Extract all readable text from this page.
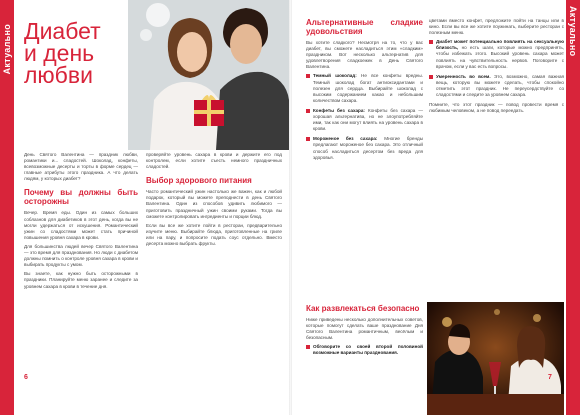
Актуально Диабет
и день
любви

День Святого Валентина — праздник любви, романтики и... сладостей. Шоколад, конфеты, всевозможные десерты и торты в форме сердец — главные атрибуты этого праздника. А что делать людям, у которых диабет?

Почему вы должны быть осторожны

Вечер. Время еды. Один из самых больших соблазнов для диабетиков в этот день, когда вы не могли удержаться от искушения. Романтический ужин со сладостями может стать причиной повышения уровня сахара в крови.

Для большинства людей вечер Святого Валентина — это время для празднования. Но люди с диабетом должны помнить о контроле уровня сахара в крови и выбирать продукты с умом.

Вы знаете, как нужно быть осторожными в праздники. Планируйте меню заранее и следите за уровнем сахара в крови в течение дня.

проверяйте уровень сахара в крови и держите его под контролем, если хотите съесть немного праздничных сладостей.

Выбор здорового питания

Часто романтический ужин настолько же важен, как и любой подарок, который вы можете преподнести в день Святого Валентина. Один из способов удивить любимого — приготовить праздничный ужин своими руками. Тогда вы сможете контролировать ингредиенты и порции блюд.

Если вы все же хотите пойти в ресторан, предварительно изучите меню. Выбирайте блюда, приготовленные на гриле или на пару, и попросите подать соус отдельно. Вместо десерта можно выбрать фрукты.

6
Альтернативные сладкие удовольствия

Вы хотите сладкого? Несмотря на то, что у вас диабет, вы сможете насладиться этим «сладким» праздником. Вот несколько альтернатив для удовлетворения сладкоежек в День Святого Валентина.

Темный шоколад: Не все конфеты вредны. Темный шоколад богат антиоксидантами и полезен для сердца. Выбирайте шоколад с высоким содержанием какао и небольшим количеством сахара.
Конфеты без сахара: Конфеты без сахара — хорошая альтернатива, но не злоупотребляйте ими, так как они могут влиять на уровень сахара в крови.
Мороженое без сахара: Многие бренды предлагают мороженое без сахара. Это отличный способ насладиться десертом без вреда для здоровья.
Как развлекаться безопасно

Ниже приведены несколько дополнительных советов, которые помогут сделать ваше празднование Дня Святого Валентина романтичным, весёлым и безопасным.

Обговорите со своей второй половиной возможные варианты празднования.

цветами вместо конфет, предложите пойти на танцы или в кино. Если вы все же хотите поужинать, выберите ресторан с полезным меню.

Диабет может потенциально повлиять на сексуальную близость, но есть шаги, которые можно предпринять, чтобы избежать этого. Высокий уровень сахара может повлиять на чувствительность нервов. Поговорите с врачом, если у вас есть вопросы.
Умеренность во всем. Это, возможно, самая важная вещь, которую вы можете сделать, чтобы спокойно отметить этот праздник. Не переусердствуйте со сладостями и следите за уровнем сахара.

Помните, что этот праздник — повод провести время с любимым человеком, а не повод переедать.

Актуально
7
